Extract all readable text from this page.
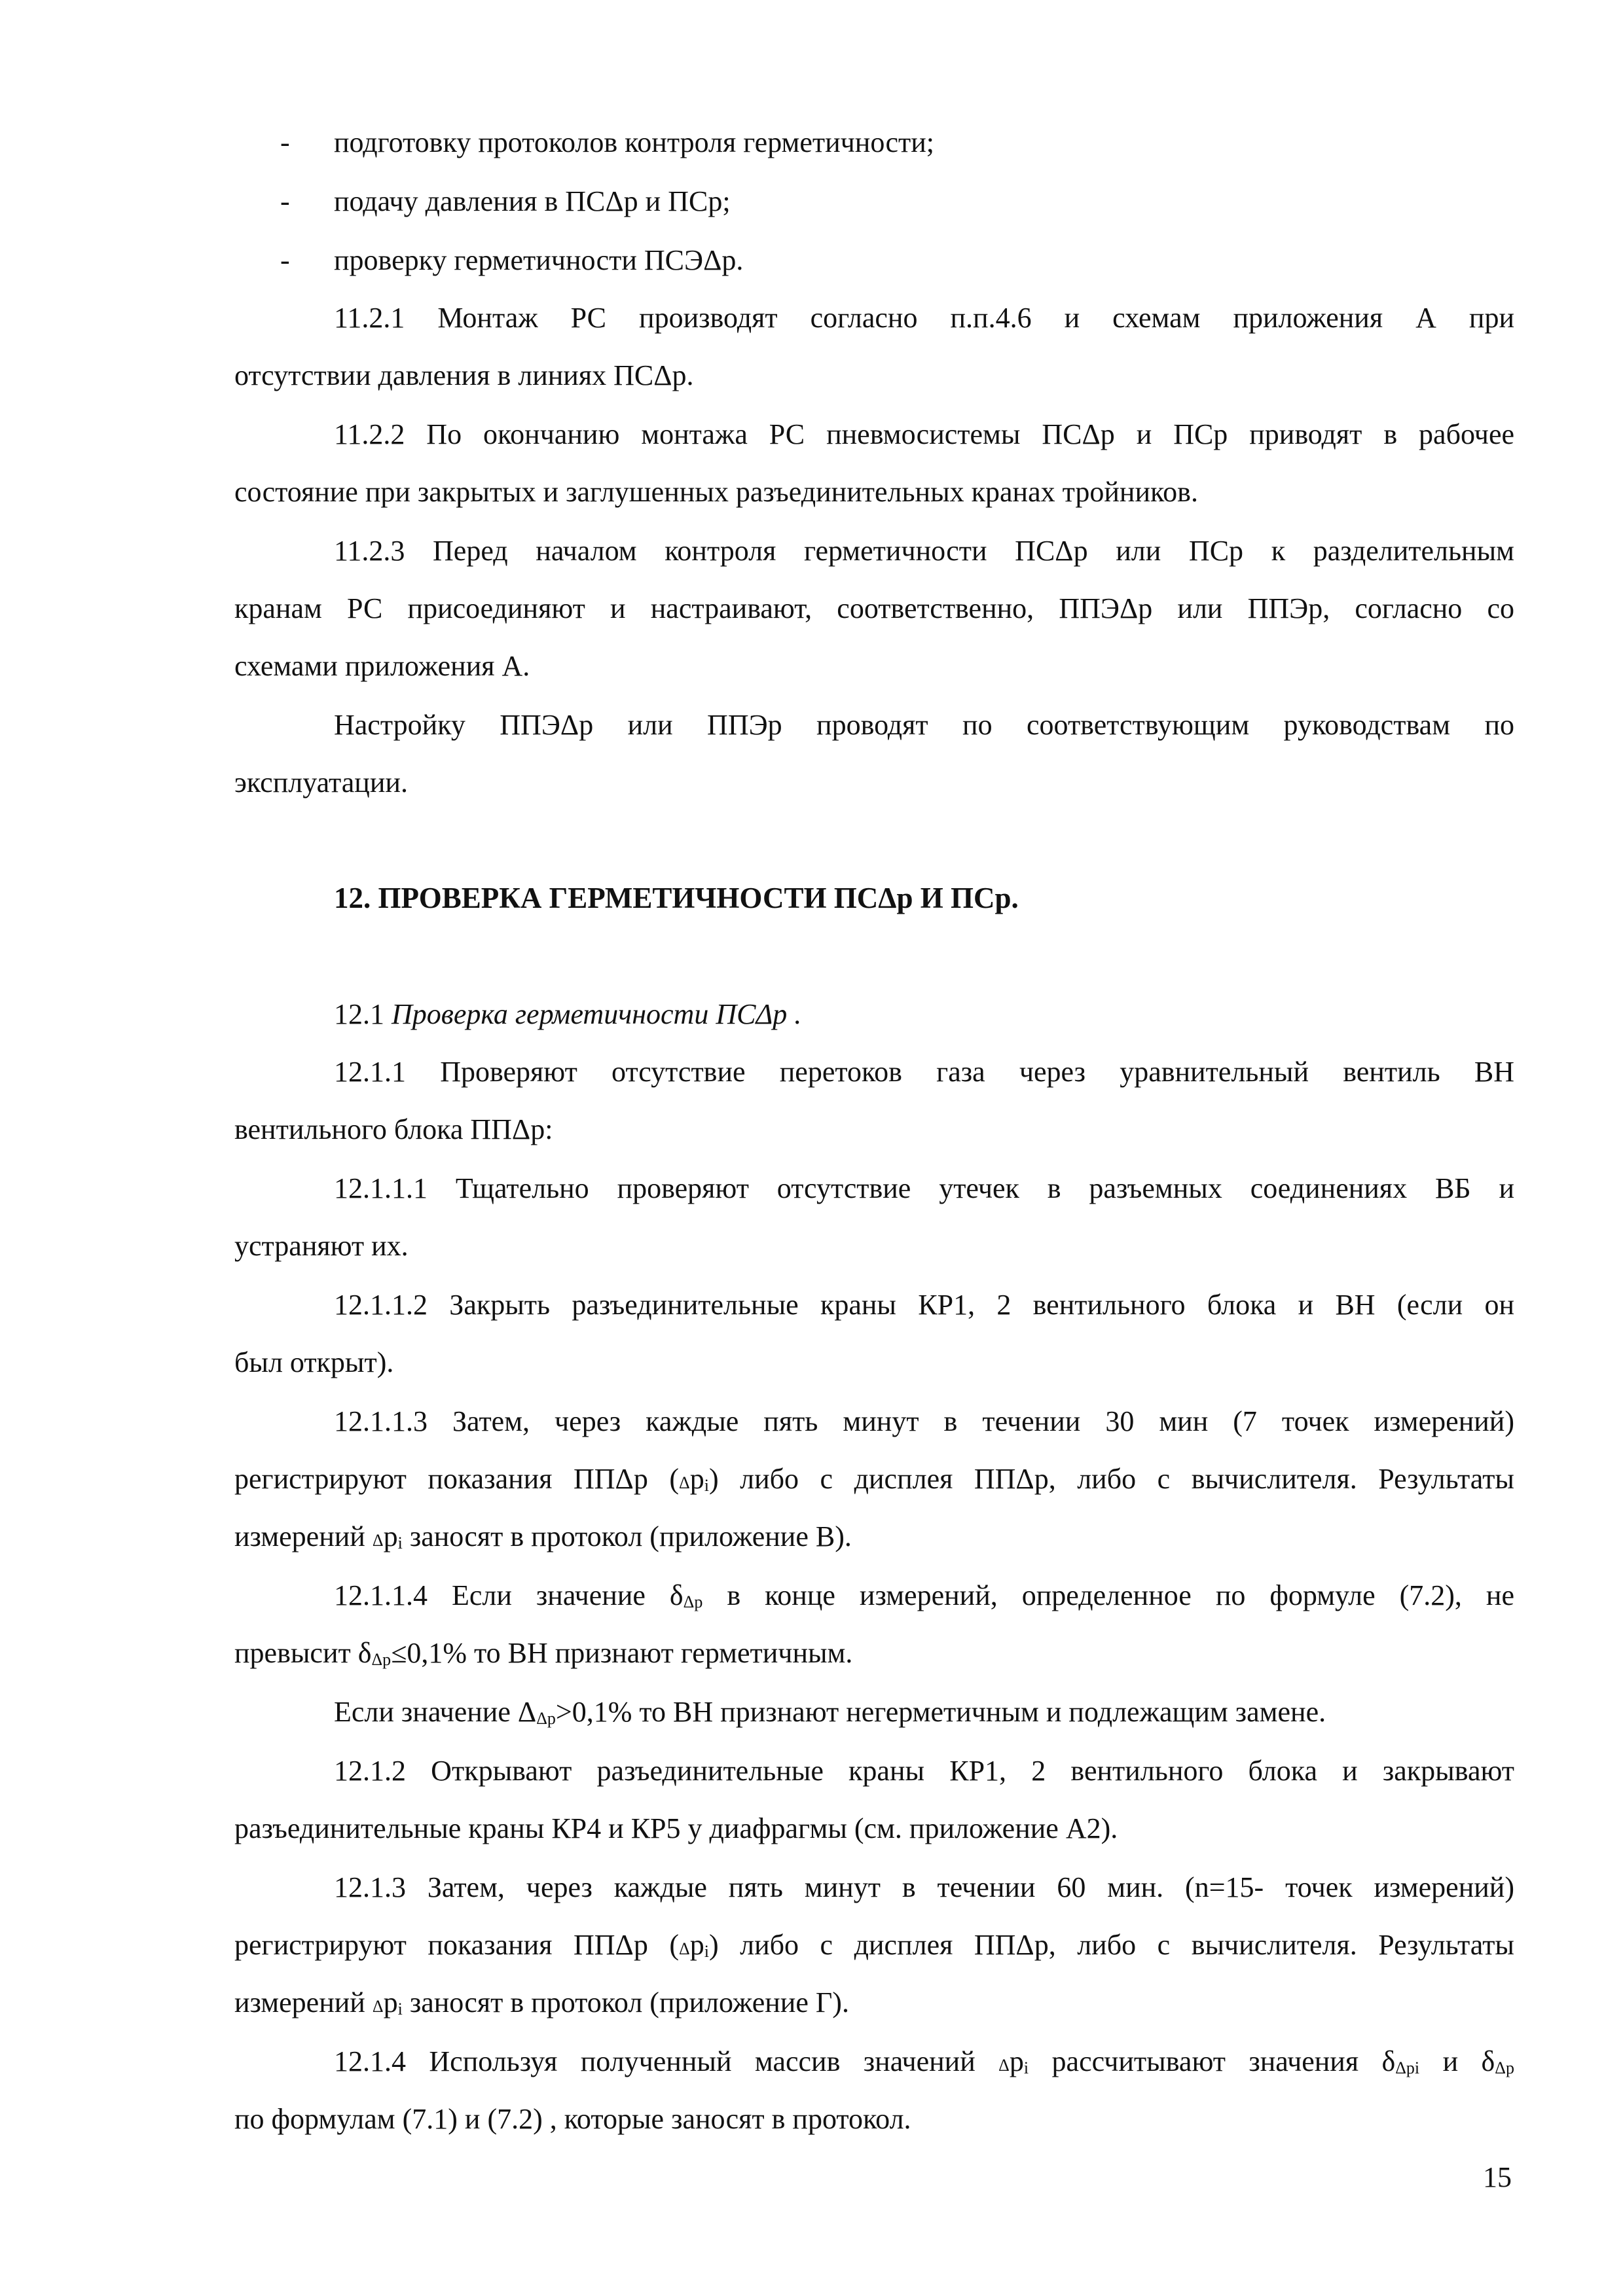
- подготовку протоколов контроля герметичности;
- подачу давления в ПСΔр и ПСр;
- проверку герметичности ПСЭΔр.
11.2.1 Монтаж РС производят согласно п.п.4.6 и схемам приложения А при
отсутствии давления в линиях ПСΔр.
11.2.2 По окончанию монтажа РС пневмосистемы ПСΔр и ПСр приводят в рабочее
состояние при закрытых и заглушенных разъединительных кранах тройников.
11.2.3 Перед началом контроля герметичности ПСΔр или ПСр к разделительным
кранам РС присоединяют и настраивают, соответственно, ППЭΔр или ППЭр, согласно со
схемами приложения А.
Настройку ППЭΔр или ППЭр проводят по соответствующим руководствам по
эксплуатации.
12. ПРОВЕРКА ГЕРМЕТИЧНОСТИ ПСΔр И ПСр.
12.1 Проверка герметичности ПСΔр .
12.1.1 Проверяют отсутствие перетоков газа через уравнительный вентиль ВН
вентильного блока ППΔр:
12.1.1.1 Тщательно проверяют отсутствие утечек в разъемных соединениях ВБ и
устраняют их.
12.1.1.2 Закрыть разъединительные краны КР1, 2 вентильного блока и ВН (если он
был открыт).
12.1.1.3 Затем, через каждые пять минут в течении 30 мин (7 точек измерений)
регистрируют показания ППΔр (Δpi) либо с дисплея ППΔр, либо с вычислителя. Результаты
измерений Δpi заносят в протокол (приложение В).
12.1.1.4 Если значение δΔp в конце измерений, определенное по формуле (7.2), не
превысит δΔp≤0,1% то ВН признают герметичным.
Если значение ΔΔp>0,1% то ВН признают негерметичным и подлежащим замене.
12.1.2 Открывают разъединительные краны КР1, 2 вентильного блока и закрывают
разъединительные краны КР4 и КР5 у диафрагмы (см. приложение А2).
12.1.3 Затем, через каждые пять минут в течении 60 мин. (n=15- точек измерений)
регистрируют показания ППΔр (Δpi) либо с дисплея ППΔр, либо с вычислителя. Результаты
измерений Δpi заносят в протокол (приложение Г).
12.1.4 Используя полученный массив значений Δpi рассчитывают значения δΔpi и δΔp
по формулам (7.1) и (7.2) , которые заносят в протокол.
15
